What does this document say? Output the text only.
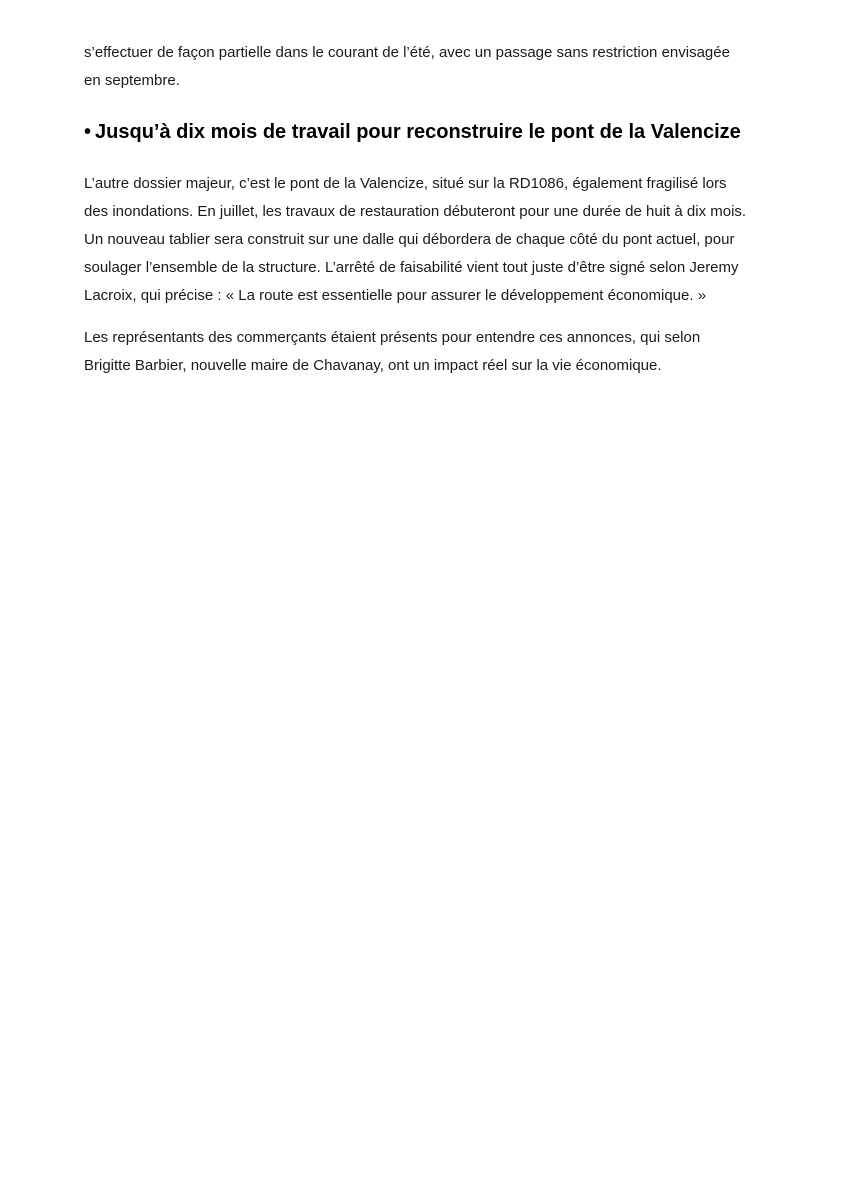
s’effectuer de façon partielle dans le courant de l’été, avec un passage sans restriction envisagée
en septembre.

• Jusqu’à dix mois de travail pour reconstruire le pont de la Valencize

L’autre dossier majeur, c’est le pont de la Valencize, situé sur la RD1086, également fragilisé lors
des inondations. En juillet, les travaux de restauration débuteront pour une durée de huit à dix mois.
Un nouveau tablier sera construit sur une dalle qui débordera de chaque côté du pont actuel, pour
soulager l’ensemble de la structure. L’arrêté de faisabilité vient tout juste d’être signé selon Jeremy
Lacroix, qui précise : « La route est essentielle pour assurer le développement économique. »

Les représentants des commerçants étaient présents pour entendre ces annonces, qui selon
Brigitte Barbier, nouvelle maire de Chavanay, ont un impact réel sur la vie économique.
